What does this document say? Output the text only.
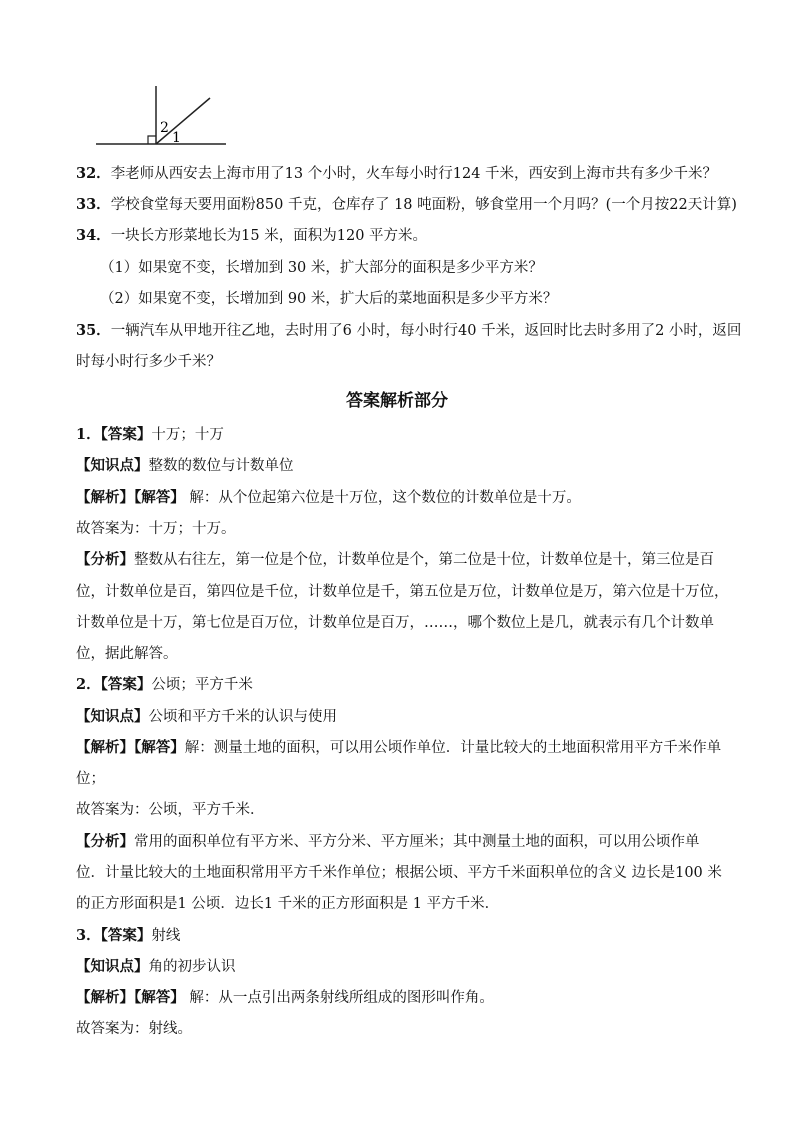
2
1
32．李老师从西安去上海市用了13 个小时，火车每小时行124 千米，西安到上海市共有多少千米？
33．学校食堂每天要用面粉850 千克，仓库存了 18 吨面粉，够食堂用一个月吗？(一个月按22天计算)
34．一块长方形菜地长为15 米，面积为120 平方米。
（1）如果宽不变，长增加到 30 米，扩大部分的面积是多少平方米？
（2）如果宽不变，长增加到 90 米，扩大后的菜地面积是多少平方米？
35．一辆汽车从甲地开往乙地，去时用了6 小时，每小时行40 千米，返回时比去时多用了2 小时，返回
时每小时行多少千米？
答案解析部分
1．【答案】十万；十万
【知识点】整数的数位与计数单位
【解析】【解答】 解：从个位起第六位是十万位，这个数位的计数单位是十万。
故答案为：十万；十万。
【分析】整数从右往左，第一位是个位，计数单位是个，第二位是十位，计数单位是十，第三位是百
位，计数单位是百，第四位是千位，计数单位是千，第五位是万位，计数单位是万，第六位是十万位，
计数单位是十万，第七位是百万位，计数单位是百万，……，哪个数位上是几，就表示有几个计数单
位，据此解答。
2．【答案】公顷；平方千米
【知识点】公顷和平方千米的认识与使用
【解析】【解答】解：测量土地的面积，可以用公顷作单位．计量比较大的土地面积常用平方千米作单
位；
故答案为：公顷，平方千米．
【分析】常用的面积单位有平方米、平方分米、平方厘米；其中测量土地的面积，可以用公顷作单
位．计量比较大的土地面积常用平方千米作单位；根据公顷、平方千米面积单位的含义 边长是100 米
的正方形面积是1 公顷．边长1 千米的正方形面积是 1 平方千米．
3．【答案】射线
【知识点】角的初步认识
【解析】【解答】 解：从一点引出两条射线所组成的图形叫作角。
故答案为：射线。
